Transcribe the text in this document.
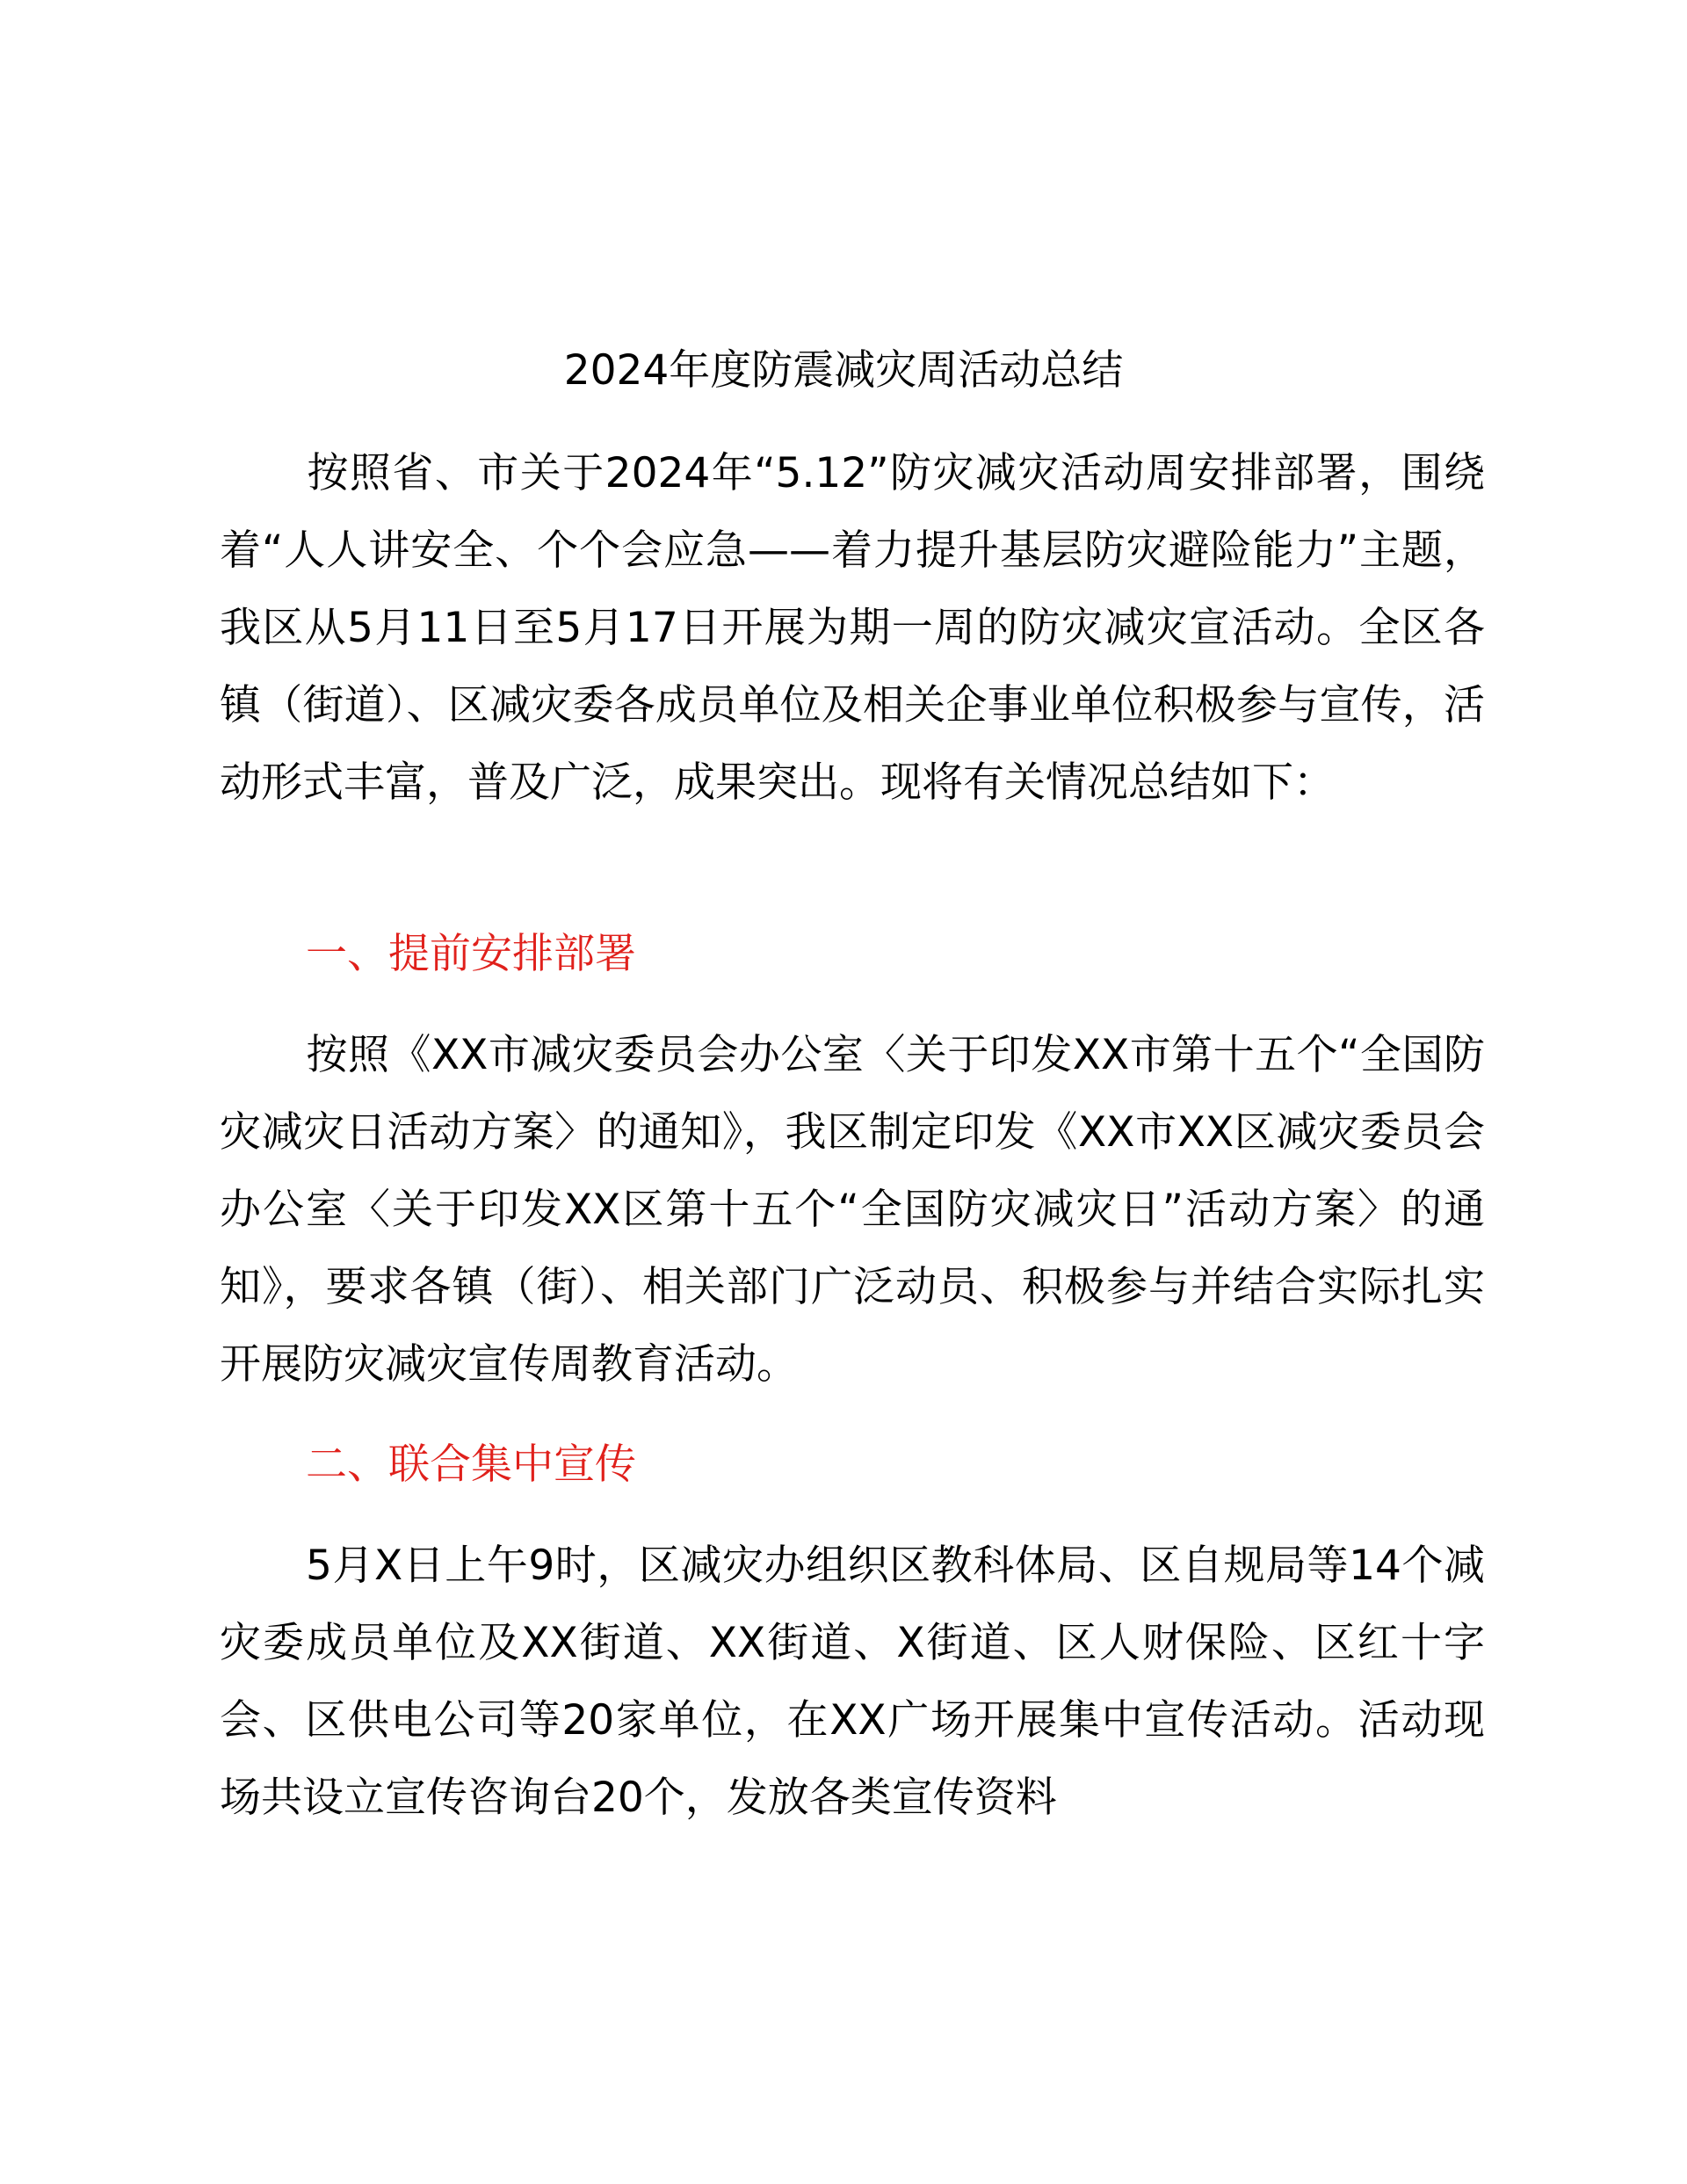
2024年度防震减灾周活动总结
按照省、市关于2024年“5.12”防灾减灾活动周安排部署，围绕着“人人讲安全、个个会应急——着力提升基层防灾避险能力”主题，我区从5月11日至5月17日开展为期一周的防灾减灾宣活动。全区各镇（街道）、区减灾委各成员单位及相关企事业单位积极参与宣传，活动形式丰富，普及广泛，成果突出。现将有关情况总结如下：
一、提前安排部署
按照《XX市减灾委员会办公室〈关于印发XX市第十五个“全国防灾减灾日活动方案〉的通知》，我区制定印发《XX市XX区减灾委员会办公室〈关于印发XX区第十五个“全国防灾减灾日”活动方案〉的通知》，要求各镇（街）、相关部门广泛动员、积极参与并结合实际扎实开展防灾减灾宣传周教育活动。
二、联合集中宣传
5月X日上午9时，区减灾办组织区教科体局、区自规局等14个减灾委成员单位及XX街道、XX街道、X街道、区人财保险、区红十字会、区供电公司等20家单位，在XX广场开展集中宣传活动。活动现场共设立宣传咨询台20个，发放各类宣传资料
